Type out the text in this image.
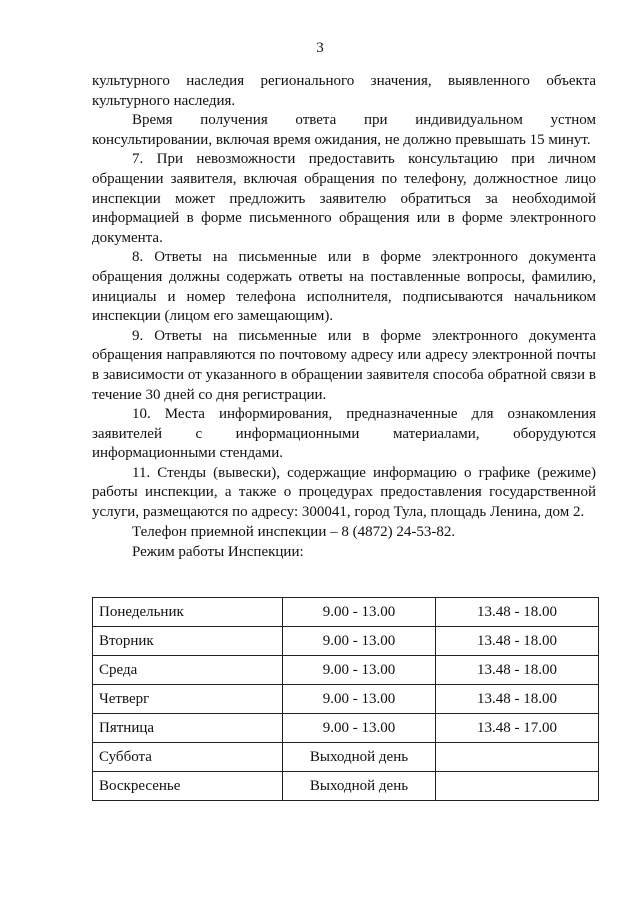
3

культурного наследия регионального значения, выявленного объекта культурного наследия.

Время получения ответа при индивидуальном устном консультировании, включая время ожидания, не должно превышать 15 минут.

7. При невозможности предоставить консультацию при личном обращении заявителя, включая обращения по телефону, должностное лицо инспекции может предложить заявителю обратиться за необходимой информацией в форме письменного обращения или в форме электронного документа.

8. Ответы на письменные или в форме электронного документа обращения должны содержать ответы на поставленные вопросы, фамилию, инициалы и номер телефона исполнителя, подписываются начальником инспекции (лицом его замещающим).

9. Ответы на письменные или в форме электронного документа обращения направляются по почтовому адресу или адресу электронной почты в зависимости от указанного в обращении заявителя способа обратной связи в течение 30 дней со дня регистрации.

10. Места информирования, предназначенные для ознакомления заявителей с информационными материалами, оборудуются информационными стендами.

11. Стенды (вывески), содержащие информацию о графике (режиме) работы инспекции, а также о процедурах предоставления государственной услуги, размещаются по адресу: 300041, город Тула, площадь Ленина, дом 2.

Телефон приемной инспекции – 8 (4872) 24-53-82.

Режим работы Инспекции:

Понедельник	9.00 - 13.00	13.48 - 18.00
Вторник	9.00 - 13.00	13.48 - 18.00
Среда	9.00 - 13.00	13.48 - 18.00
Четверг	9.00 - 13.00	13.48 - 18.00
Пятница	9.00 - 13.00	13.48 - 17.00
Суббота	Выходной день	
Воскресенье	Выходной день	
